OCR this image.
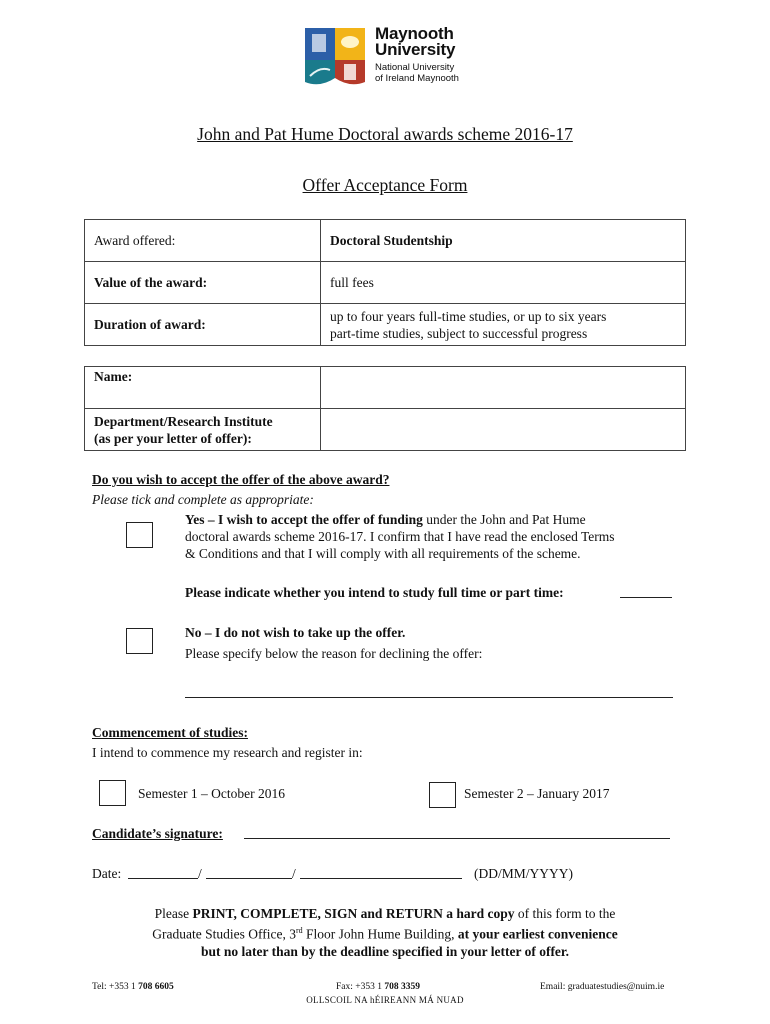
Maynooth
University
National University
of Ireland Maynooth
John and Pat Hume Doctoral awards scheme 2016-17
Offer Acceptance Form
Award offered:	Doctoral Studentship
Value of the award:	full fees
Duration of award:	up to four years full-time studies, or up to six years
part-time studies, subject to successful progress
Name:	

Department/Research Institute
(as per your letter of offer):	

Do you wish to accept the offer of the above award?
Please tick and complete as appropriate:
Yes – I wish to accept the offer of funding under the John and Pat Hume
doctoral awards scheme 2016-17. I confirm that I have read the enclosed Terms
& Conditions and that I will comply with all requirements of the scheme.
Please indicate whether you intend to study full time or part time:
No – I do not wish to take up the offer.
Please specify below the reason for declining the offer:
Commencement of studies:
I intend to commence my research and register in:
Semester 1 – October 2016	Semester 2 – January 2017
Candidate’s signature:
Date:	/	/	(DD/MM/YYYY)
Please PRINT, COMPLETE, SIGN and RETURN a hard copy of this form to the
Graduate Studies Office, 3rd Floor John Hume Building, at your earliest convenience
but no later than by the deadline specified in your letter of offer.
Tel: +353 1 708 6605	Fax: +353 1 708 3359	Email: graduatestudies@nuim.ie
OLLSCOIL NA hÉIREANN MÁ NUAD
